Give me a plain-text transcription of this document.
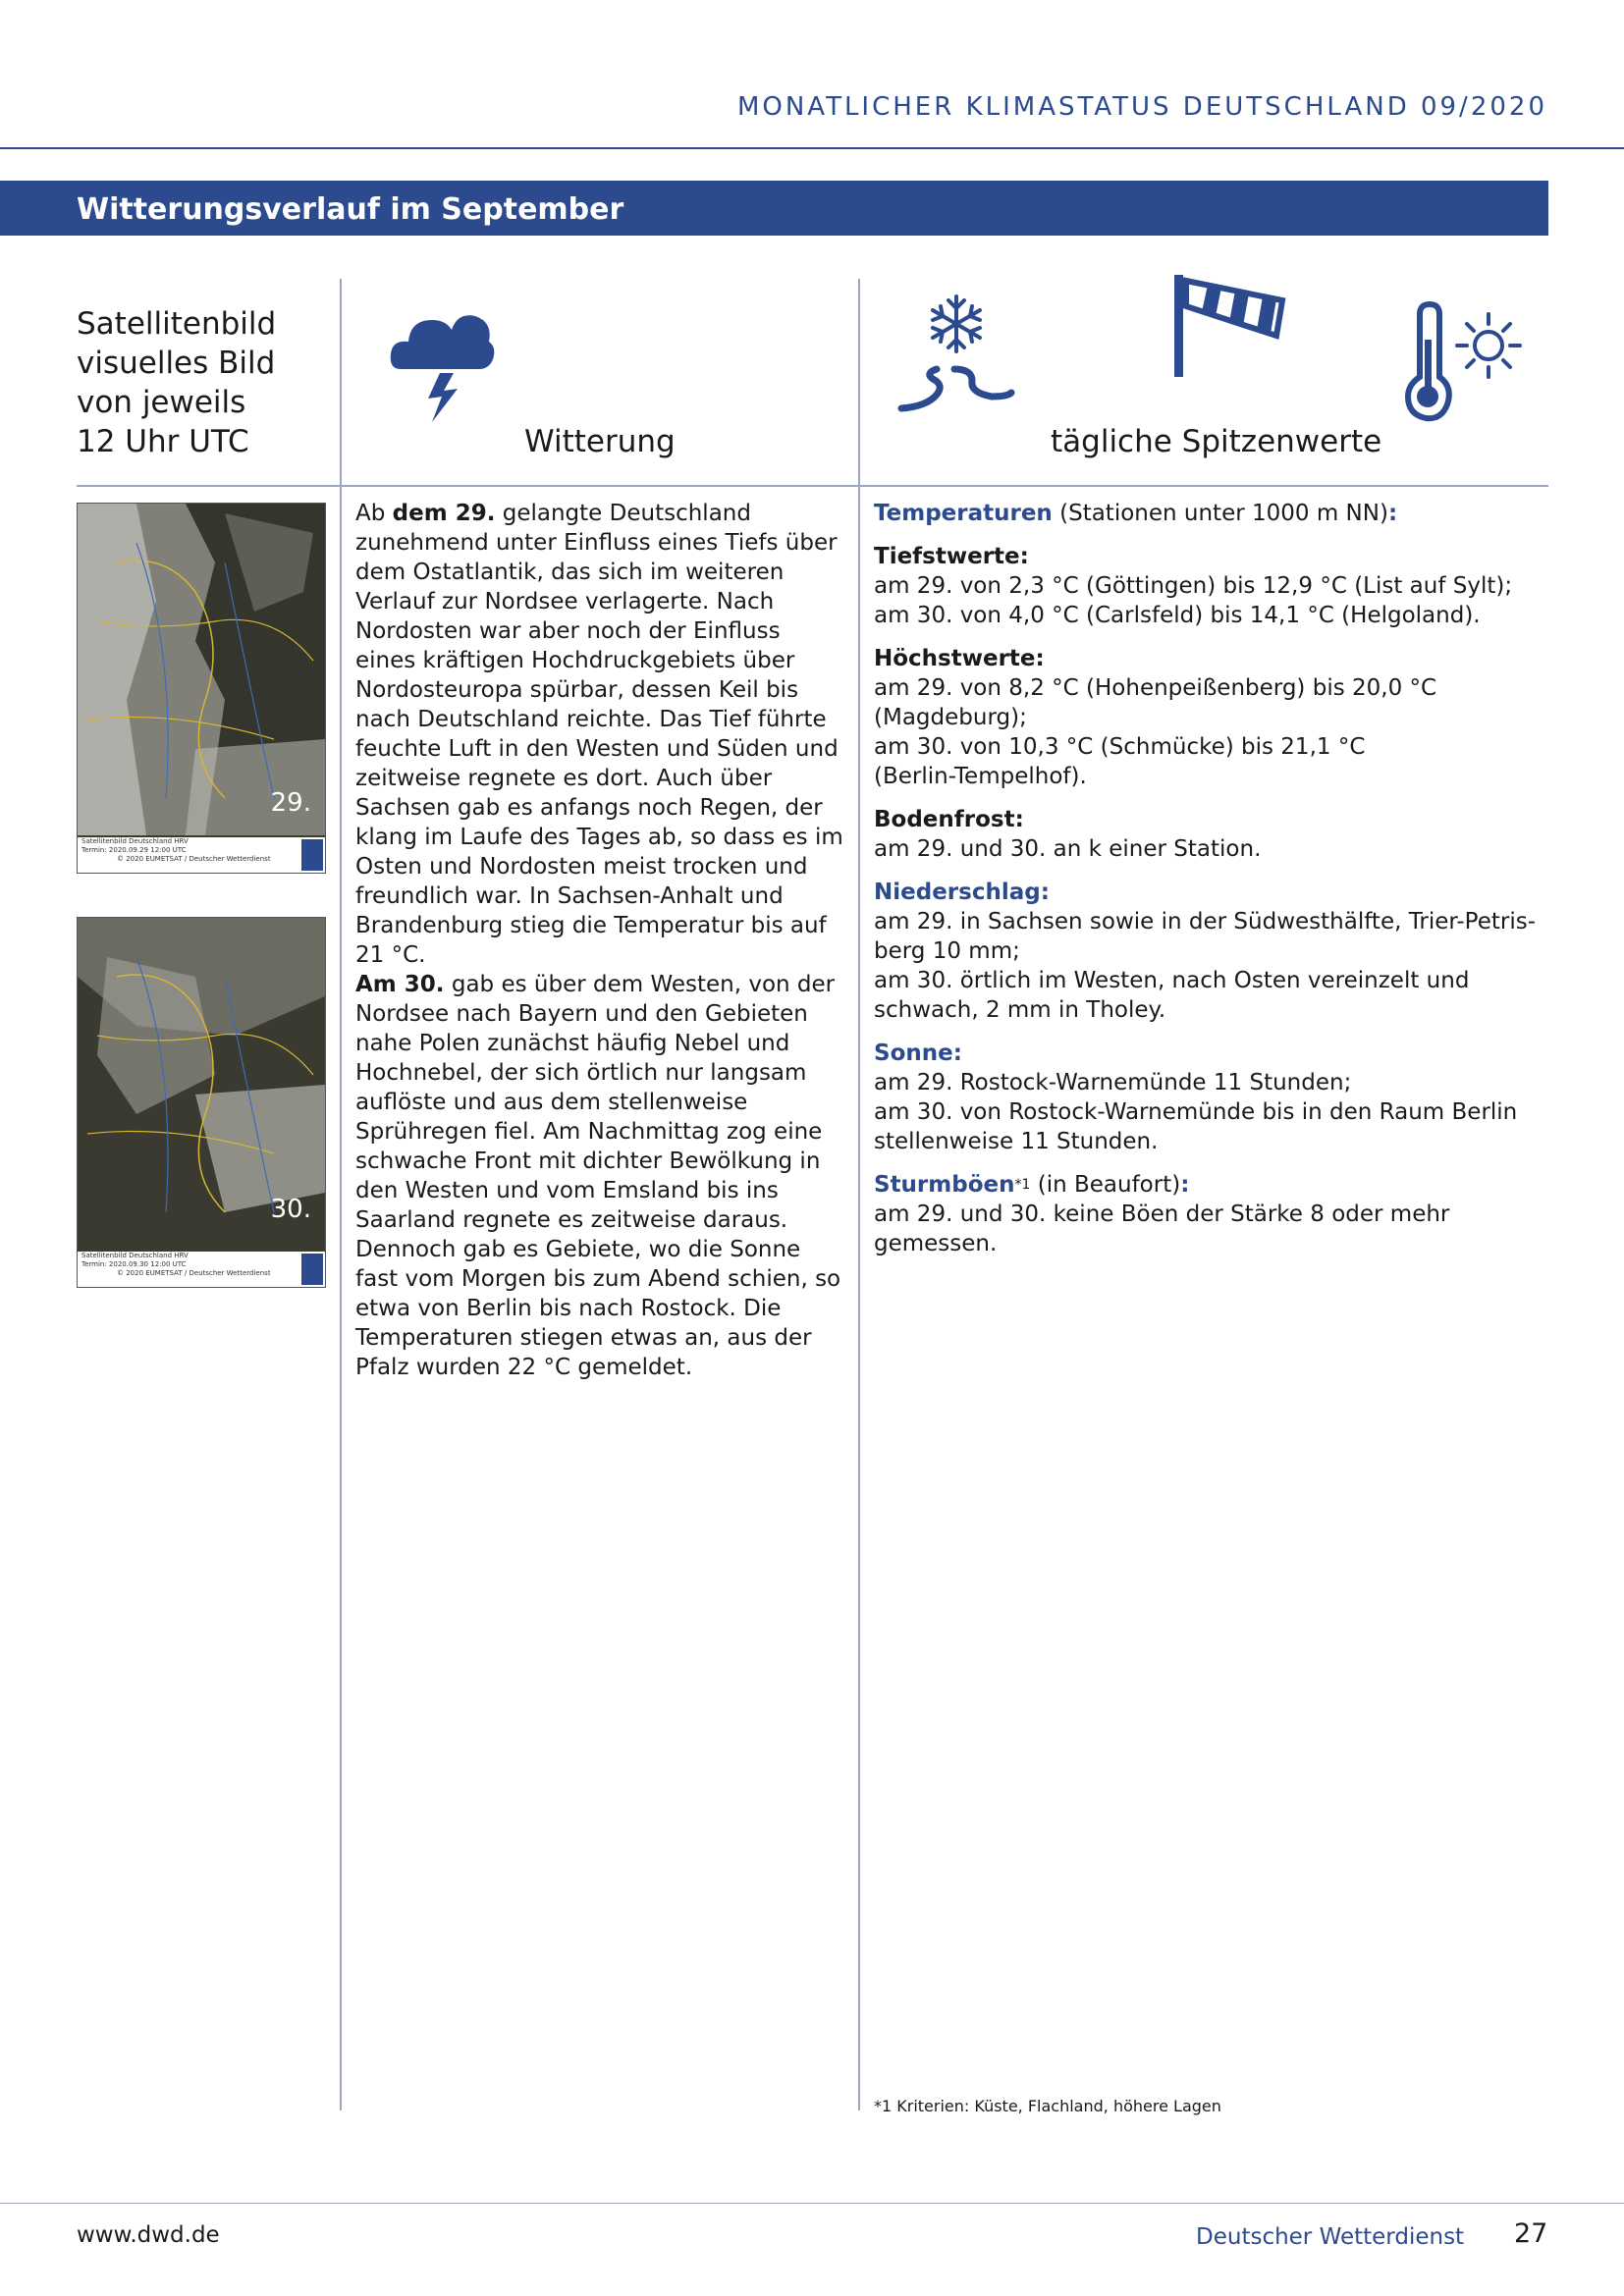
MONATLICHER KLIMASTATUS DEUTSCHLAND 09/2020
Witterungsverlauf im September
Satellitenbild
visuelles Bild
von jeweils
12 Uhr UTC	Witterung	tägliche Spitzenwerte
29.
Satellitenbild Deutschland HRV
Termin: 2020.09.29 12:00 UTC
© 2020 EUMETSAT / Deutscher Wetterdienst
30.
Satellitenbild Deutschland HRV
Termin: 2020.09.30 12:00 UTC
© 2020 EUMETSAT / Deutscher Wetterdienst
Ab dem 29. gelangte Deutschland zunehmend unter Einfluss eines Tiefs über dem Ostatlantik, das sich im weiteren Verlauf zur Nordsee verlagerte. Nach Nordosten war aber noch der Einfluss eines kräftigen Hochdruckgebiets über Nordosteuropa spürbar, dessen Keil bis nach Deutschland reichte. Das Tief führte feuchte Luft in den Westen und Süden und zeitweise regnete es dort. Auch über Sachsen gab es anfangs noch Regen, der klang im Laufe des Tages ab, so dass es im Osten und Nordosten meist trocken und freundlich war. In Sachsen-Anhalt und Brandenburg stieg die Temperatur bis auf 21 °C.
Am 30. gab es über dem Westen, von der Nordsee nach Bayern und den Gebieten nahe Polen zunächst häufig Nebel und Hochnebel, der sich örtlich nur langsam auflöste und aus dem stellenweise Sprühregen fiel. Am Nachmittag zog eine schwache Front mit dichter Bewölkung in den Westen und vom Emsland bis ins Saarland regnete es zeitweise daraus. Dennoch gab es Gebiete, wo die Sonne fast vom Morgen bis zum Abend schien, so etwa von Berlin bis nach Rostock. Die Temperaturen stiegen etwas an, aus der Pfalz wurden 22 °C gemeldet.
Temperaturen (Stationen unter 1000 m NN):
Tiefstwerte:
am 29. von 2,3 °C (Göttingen) bis 12,9 °C (List auf Sylt);
am 30. von 4,0 °C (Carlsfeld) bis 14,1 °C (Helgoland).
Höchstwerte:
am 29. von 8,2 °C (Hohenpeißenberg) bis 20,0 °C
(Magdeburg);
am 30. von 10,3 °C (Schmücke) bis 21,1 °C
(Berlin-Tempelhof).
Bodenfrost:
am 29. und 30. an k einer Station.
Niederschlag:
am 29. in Sachsen sowie in der Südwesthälfte, Trier-Petris-
berg 10 mm;
am 30. örtlich im Westen, nach Osten vereinzelt und
schwach, 2 mm in Tholey.
Sonne:
am 29. Rostock-Warnemünde 11 Stunden;
am 30. von Rostock-Warnemünde bis in den Raum Berlin
stellenweise 11 Stunden.
Sturmböen$^{*1}$ (in Beaufort):
am 29. und 30. keine Böen der Stärke 8 oder mehr
gemessen.
*1 Kriterien: Küste, Flachland, höhere Lagen
www.dwd.de	Deutscher Wetterdienst 27
